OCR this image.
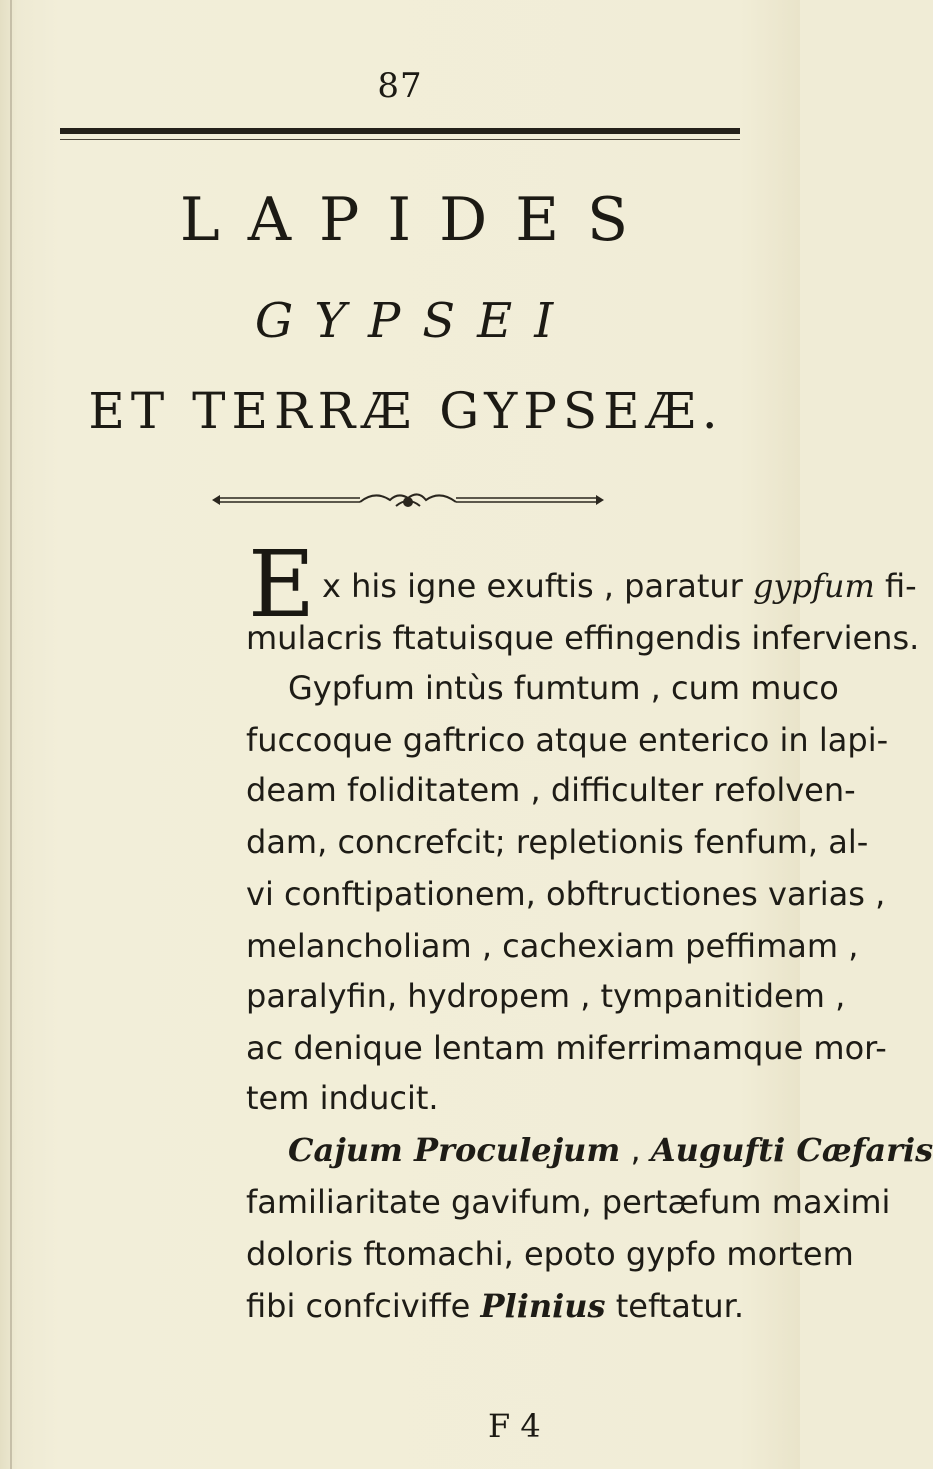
87
LAPIDES
GYPSEI
ET TERRÆ GYPSEÆ.
E x his igne exuftis , paratur gypfum fi-
mulacris ftatuisque effingendis inferviens.
Gypfum intùs fumtum , cum muco
fuccoque gaftrico atque enterico in lapi-
deam foliditatem , difficulter refolven-
dam, concrefcit; repletionis fenfum, al-
vi conftipationem, obftructiones varias ,
melancholiam , cachexiam peffimam ,
paralyfin, hydropem , tympanitidem ,
ac denique lentam miferrimamque mor-
tem inducit.
Cajum Proculejum , Augufti Cæfaris
familiaritate gavifum, pertæfum maximi
doloris ftomachi, epoto gypfo mortem
fibi confciviffe Plinius teftatur.
F 4
